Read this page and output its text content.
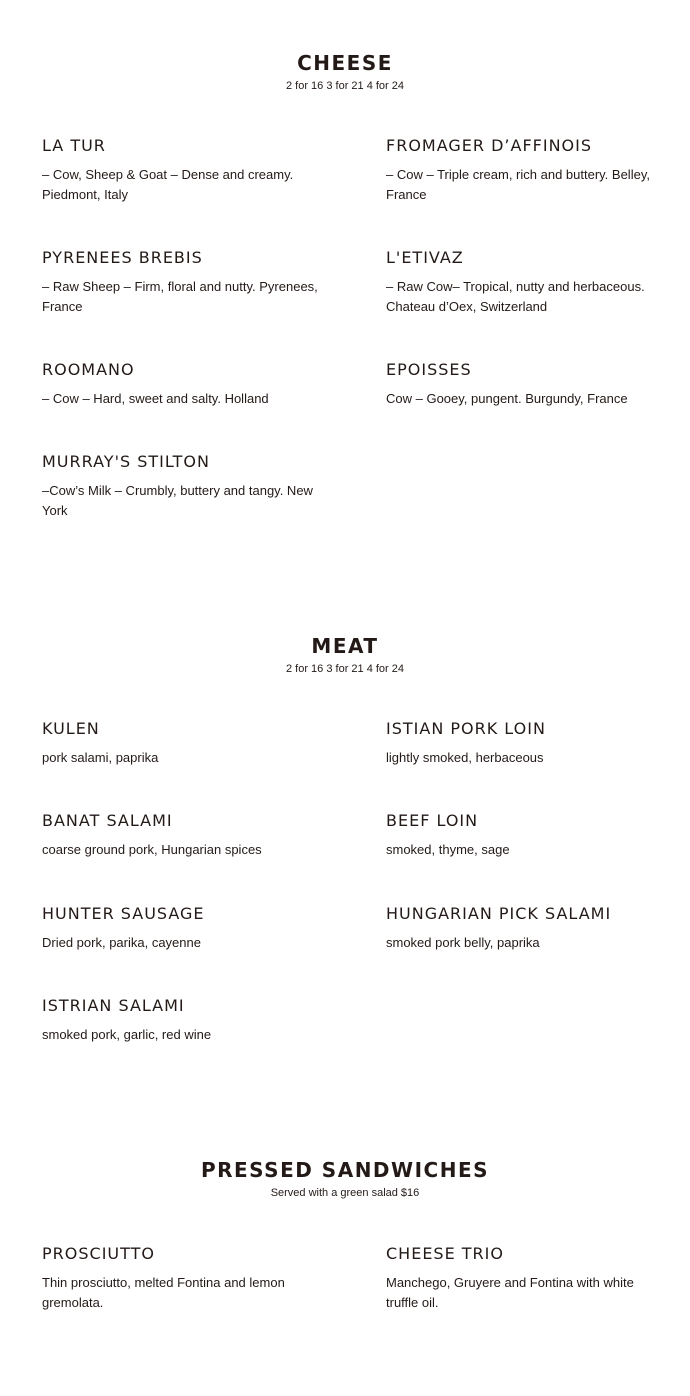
CHEESE

2 for 16 3 for 21 4 for 24

LA TUR
– Cow, Sheep & Goat – Dense and creamy. Piedmont, Italy
FROMAGER D’AFFINOIS
– Cow – Triple cream, rich and buttery. Belley, France
PYRENEES BREBIS
– Raw Sheep – Firm, floral and nutty. Pyrenees, France
L'ETIVAZ
– Raw Cow– Tropical, nutty and herbaceous. Chateau d’Oex, Switzerland
ROOMANO
– Cow – Hard, sweet and salty. Holland
EPOISSES
Cow – Gooey, pungent. Burgundy, France
MURRAY'S STILTON
–Cow’s Milk – Crumbly, buttery and tangy. New York
MEAT

2 for 16 3 for 21 4 for 24

KULEN
pork salami, paprika
ISTIAN PORK LOIN
lightly smoked, herbaceous
BANAT SALAMI
coarse ground pork, Hungarian spices
BEEF LOIN
smoked, thyme, sage
HUNTER SAUSAGE
Dried pork, parika, cayenne
HUNGARIAN PICK SALAMI
smoked pork belly, paprika
ISTRIAN SALAMI
smoked pork, garlic, red wine
PRESSED SANDWICHES

Served with a green salad $16

PROSCIUTTO
Thin prosciutto, melted Fontina and lemon gremolata.
CHEESE TRIO
Manchego, Gruyere and Fontina with white truffle oil.
